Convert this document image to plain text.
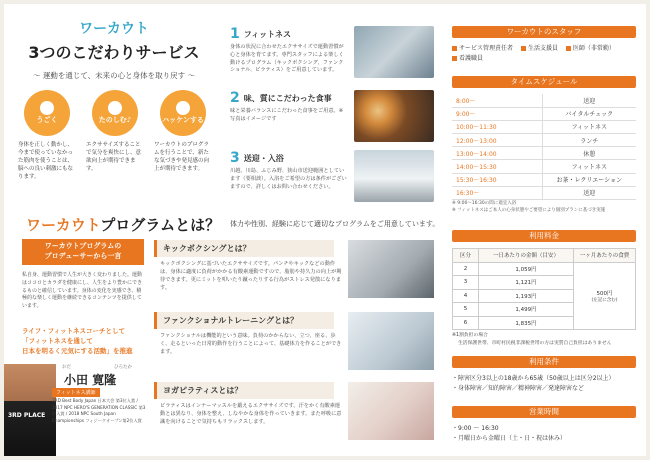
ワーカウト
3つのこだわりサービス
〜 運動を通じて、未来の心と身体を取り戻す 〜
うごく
身体を正しく動かし、今まで使っていなかった筋肉を使うことは、脳への良い刺激にもなります。
たのしむ♪
エクササイズすることで気分を爽快にし、意欲向上が期待できます。
ハッケンする
ワーカウトのプログラムを行うことで、新たな気づきや発見感の向上が期待できます。
1 フィットネス
身体の状況に合わせたエクササイズで運動習慣が心と身体を育てます。専門スタッフによる楽しく動けるプログラム（キックボクシング、ファンクショナル、ピラティス）をご用意しています。
2 味、質にこだわった食事
味と栄養バランスにこだわった食事をご用意。※ 写真はイメージです
3 送迎・入浴
川越、川島、ふじみ野、狭山市送迎範囲としています（要相談）。入浴をご希望の方は条件がございますので、詳しくはお問い合わせください。
ワーカウトプログラムとは？ 体力や性別、経験に応じて適切なプログラムをご用意しています。
ワーカウトプログラムの
プロデューサーから一言
私自身、運動習慣で人生が大きく変わりました。運動はココロとカラダを健康にし、人生をより豊かにできるものと確信しています。身体の変化を実感でき、積極的な楽しく運動を継続できるコンテンツを提供しています。
ライフ・フィットネスコーチとして
「フィットネスを通して
日本を明るく元気にする活動」を推進
3RD PLACE
おだ	ひろたか
小田 寛隆
フィットネス講師
3RD Best Body Japan 日本大会 第3位入賞 / 2017 NPC HERO'S GENERATION CLASSIC 第3位入賞 / 2018 NPC South Japan Championships フィジークオープン第2位入賞
キックボクシングとは？
キックボクシングに基づいたエクササイズです。パンチやキックなどの動作は、身体に適度に負荷がかかる有酸素運動ですので、脂肪や持久力の向上が期待できます。更にミットを叩いたり蹴ったりする行為がストレス発散になります。
ファンクショナルトレーニングとは？
ファンクショナルは機能的という意味。負荷のかからない、立つ、座る、歩く、走るといった日常的動作を行うことによって、基礎体力を作ることができます。
ヨガピラティスとは？
ピラティスはインナーマッスルを鍛えるエクササイズです。汗をかく有酸素運動とは異なり、身体を整え、しなやかな身体を作っていきます。また呼吸に意識を向けることで気持ちもリラックスします。
ワーカウトのスタッフ
サービス管理責任者 生活支援員 医師（非常勤）
看護職員
タイムスケジュール
8:00〜	送迎
9:00〜	バイタルチェック
10:00〜11:30	フィットネス
12:00〜13:00	ランチ
13:00〜14:00	休憩
14:00〜15:30	フィットネス
15:30〜16:30	お茶・レクリエーション
16:30〜	送迎
※ 9:00〜16:30の間に適宜入浴
※ フィットネスはご本人の心身状態やご要望により個別プランに基づき実施
利用料金
区分	一日あたりの金額（目安）	一ヶ月あたりの食費
2	1,059円	500円
(左記に含む)

3	1,121円	
4	1,193円	
5	1,499円	
6	1,835円	
※1割負担の場合
生活保護世帯、市町村民税非課税世帯の方は実質自己負担はありません
利用条件
・障害区分3以上の18歳から65歳（50歳以上は区分2以上）
・身体障害／知的障害／精神障害／発達障害など
営業時間
・9:00 〜 16:30
・月曜日から金曜日（土・日・祝は休み）
